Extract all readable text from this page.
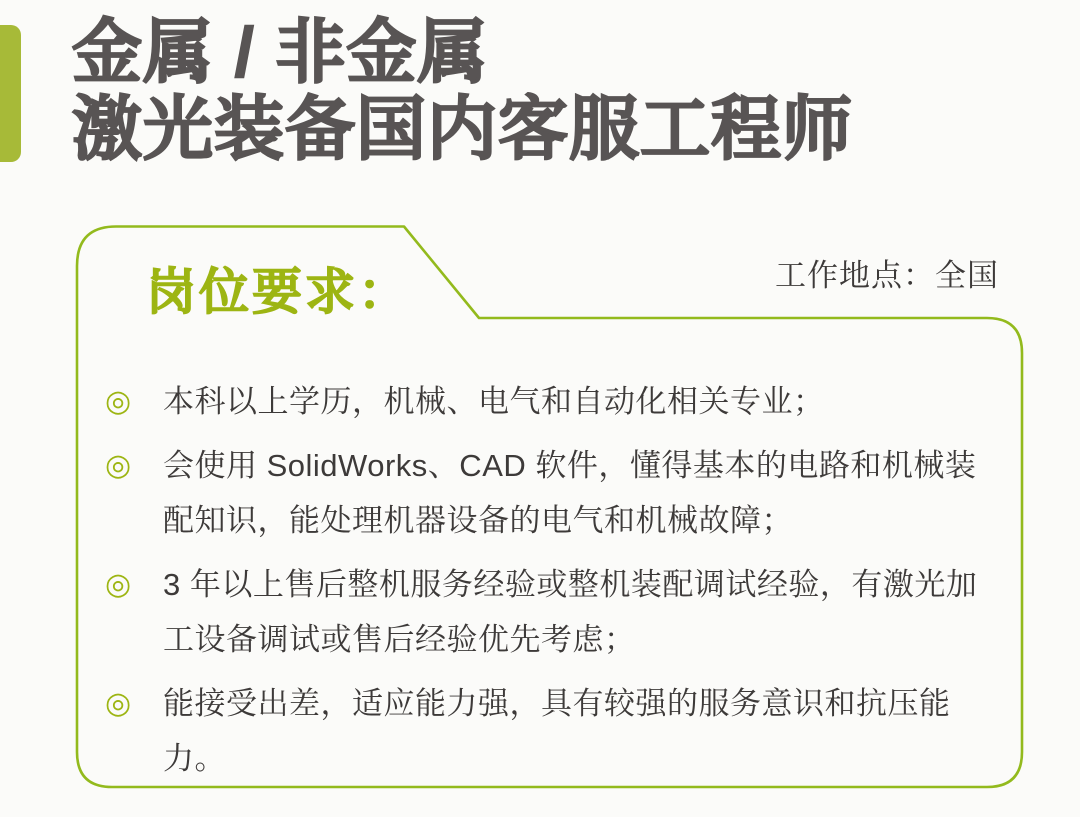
金属 / 非金属
激光装备国内客服工程师
工作地点：全国
岗位要求：
◎	本科以上学历，机械、电气和自动化相关专业；
◎	会使用 SolidWorks、CAD 软件，懂得基本的电路和机械装配知识，能处理机器设备的电气和机械故障；
◎	3 年以上售后整机服务经验或整机装配调试经验，有激光加工设备调试或售后经验优先考虑；
◎	能接受出差，适应能力强，具有较强的服务意识和抗压能力。
